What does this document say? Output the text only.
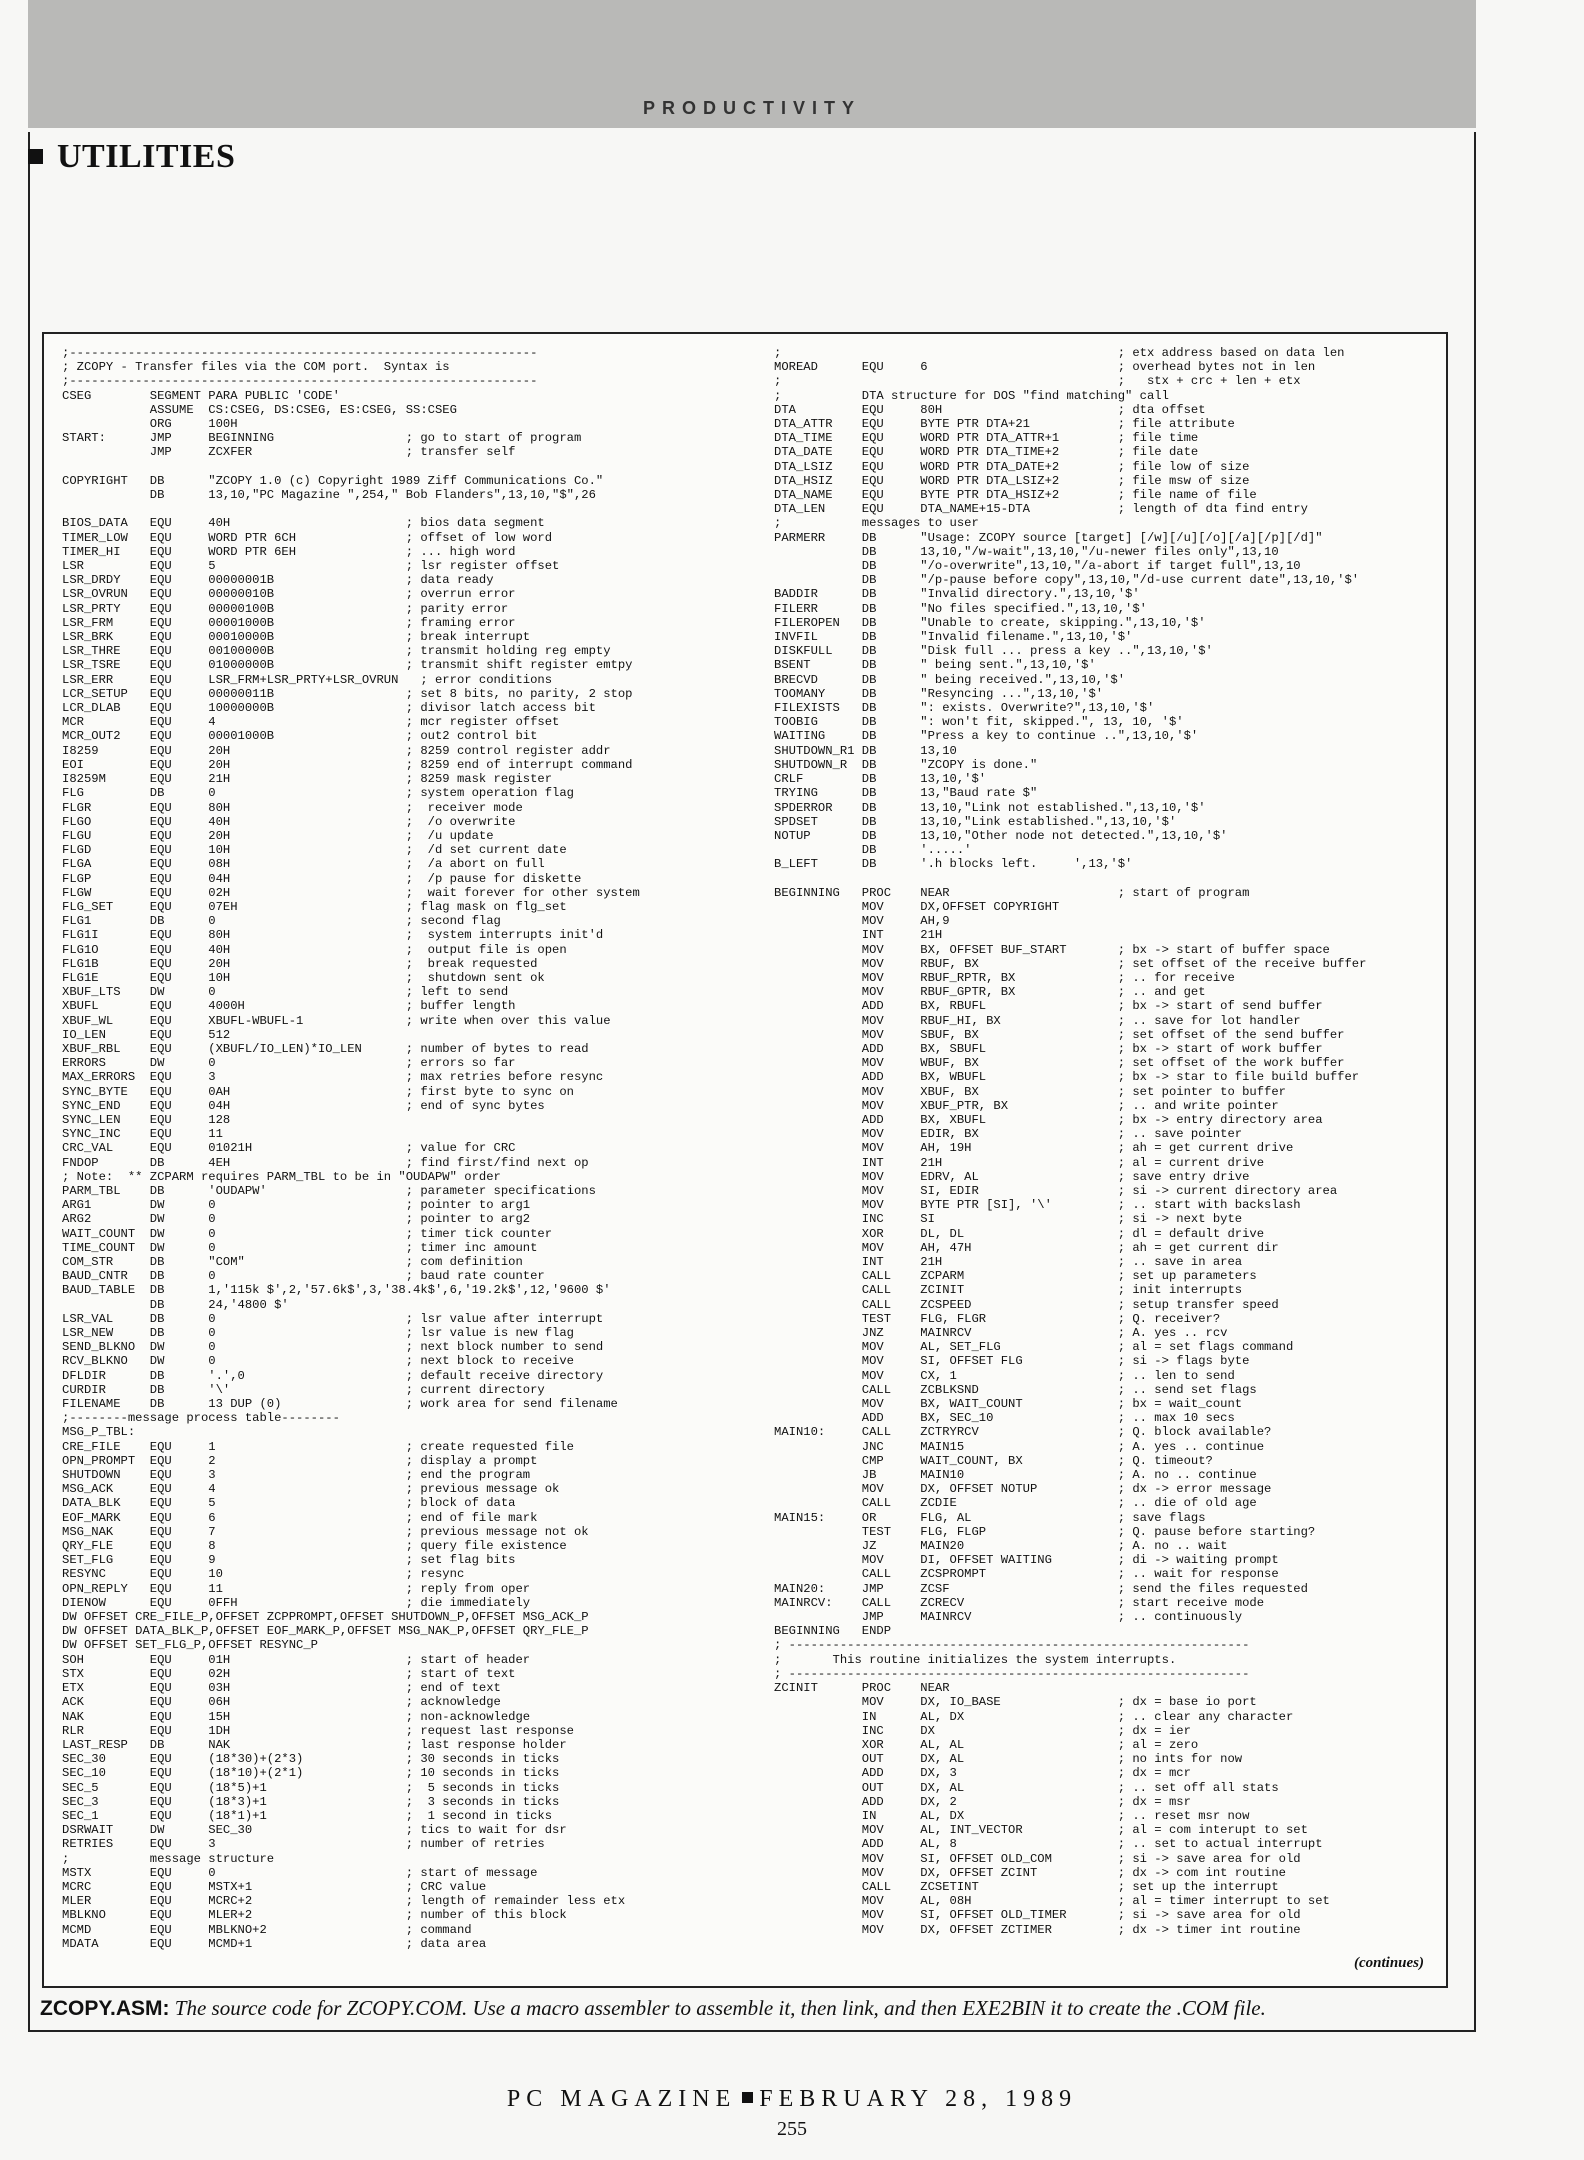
PRODUCTIVITY
UTILITIES
;----------------------------------------------------------------
; ZCOPY - Transfer files via the COM port.  Syntax is
;----------------------------------------------------------------
CSEG        SEGMENT PARA PUBLIC 'CODE'
ASSUME  CS:CSEG, DS:CSEG, ES:CSEG, SS:CSEG
ORG     100H
START:      JMP     BEGINNING                  ; go to start of program
JMP     ZCXFER                     ; transfer self

COPYRIGHT   DB      "ZCOPY 1.0 (c) Copyright 1989 Ziff Communications Co."
DB      13,10,"PC Magazine ",254," Bob Flanders",13,10,"$",26

BIOS_DATA   EQU     40H                        ; bios data segment
TIMER_LOW   EQU     WORD PTR 6CH               ; offset of low word
TIMER_HI    EQU     WORD PTR 6EH               ; ... high word
LSR         EQU     5                          ; lsr register offset
LSR_DRDY    EQU     00000001B                  ; data ready
LSR_OVRUN   EQU     00000010B                  ; overrun error
LSR_PRTY    EQU     00000100B                  ; parity error
LSR_FRM     EQU     00001000B                  ; framing error
LSR_BRK     EQU     00010000B                  ; break interrupt
LSR_THRE    EQU     00100000B                  ; transmit holding reg empty
LSR_TSRE    EQU     01000000B                  ; transmit shift register emtpy
LSR_ERR     EQU     LSR_FRM+LSR_PRTY+LSR_OVRUN   ; error conditions
LCR_SETUP   EQU     00000011B                  ; set 8 bits, no parity, 2 stop
LCR_DLAB    EQU     10000000B                  ; divisor latch access bit
MCR         EQU     4                          ; mcr register offset
MCR_OUT2    EQU     00001000B                  ; out2 control bit
I8259       EQU     20H                        ; 8259 control register addr
EOI         EQU     20H                        ; 8259 end of interrupt command
I8259M      EQU     21H                        ; 8259 mask register
FLG         DB      0                          ; system operation flag
FLGR        EQU     80H                        ;  receiver mode
FLGO        EQU     40H                        ;  /o overwrite
FLGU        EQU     20H                        ;  /u update
FLGD        EQU     10H                        ;  /d set current date
FLGA        EQU     08H                        ;  /a abort on full
FLGP        EQU     04H                        ;  /p pause for diskette
FLGW        EQU     02H                        ;  wait forever for other system
FLG_SET     EQU     07EH                       ; flag mask on flg_set
FLG1        DB      0                          ; second flag
FLG1I       EQU     80H                        ;  system interrupts init'd
FLG1O       EQU     40H                        ;  output file is open
FLG1B       EQU     20H                        ;  break requested
FLG1E       EQU     10H                        ;  shutdown sent ok
XBUF_LTS    DW      0                          ; left to send
XBUFL       EQU     4000H                      ; buffer length
XBUF_WL     EQU     XBUFL-WBUFL-1              ; write when over this value
IO_LEN      EQU     512
XBUF_RBL    EQU     (XBUFL/IO_LEN)*IO_LEN      ; number of bytes to read
ERRORS      DW      0                          ; errors so far
MAX_ERRORS  EQU     3                          ; max retries before resync
SYNC_BYTE   EQU     0AH                        ; first byte to sync on
SYNC_END    EQU     04H                        ; end of sync bytes
SYNC_LEN    EQU     128
SYNC_INC    EQU     11
CRC_VAL     EQU     01021H                     ; value for CRC
FNDOP       DB      4EH                        ; find first/find next op
; Note:  ** ZCPARM requires PARM_TBL to be in "OUDAPW" order
PARM_TBL    DB      'OUDAPW'                   ; parameter specifications
ARG1        DW      0                          ; pointer to arg1
ARG2        DW      0                          ; pointer to arg2
WAIT_COUNT  DW      0                          ; timer tick counter
TIME_COUNT  DW      0                          ; timer inc amount
COM_STR     DB      "COM"                      ; com definition
BAUD_CNTR   DB      0                          ; baud rate counter
BAUD_TABLE  DB      1,'115k $',2,'57.6k$',3,'38.4k$',6,'19.2k$',12,'9600 $'
DB      24,'4800 $'
LSR_VAL     DB      0                          ; lsr value after interrupt
LSR_NEW     DB      0                          ; lsr value is new flag
SEND_BLKNO  DW      0                          ; next block number to send
RCV_BLKNO   DW      0                          ; next block to receive
DFLDIR      DB      '.',0                      ; default receive directory
CURDIR      DB      '\'                        ; current directory
FILENAME    DB      13 DUP (0)                 ; work area for send filename
;--------message process table--------
MSG_P_TBL:
CRE_FILE    EQU     1                          ; create requested file
OPN_PROMPT  EQU     2                          ; display a prompt
SHUTDOWN    EQU     3                          ; end the program
MSG_ACK     EQU     4                          ; previous message ok
DATA_BLK    EQU     5                          ; block of data
EOF_MARK    EQU     6                          ; end of file mark
MSG_NAK     EQU     7                          ; previous message not ok
QRY_FLE     EQU     8                          ; query file existence
SET_FLG     EQU     9                          ; set flag bits
RESYNC      EQU     10                         ; resync
OPN_REPLY   EQU     11                         ; reply from oper
DIENOW      EQU     0FFH                       ; die immediately
DW OFFSET CRE_FILE_P,OFFSET ZCPPROMPT,OFFSET SHUTDOWN_P,OFFSET MSG_ACK_P
DW OFFSET DATA_BLK_P,OFFSET EOF_MARK_P,OFFSET MSG_NAK_P,OFFSET QRY_FLE_P
DW OFFSET SET_FLG_P,OFFSET RESYNC_P
SOH         EQU     01H                        ; start of header
STX         EQU     02H                        ; start of text
ETX         EQU     03H                        ; end of text
ACK         EQU     06H                        ; acknowledge
NAK         EQU     15H                        ; non-acknowledge
RLR         EQU     1DH                        ; request last response
LAST_RESP   DB      NAK                        ; last response holder
SEC_30      EQU     (18*30)+(2*3)              ; 30 seconds in ticks
SEC_10      EQU     (18*10)+(2*1)              ; 10 seconds in ticks
SEC_5       EQU     (18*5)+1                   ;  5 seconds in ticks
SEC_3       EQU     (18*3)+1                   ;  3 seconds in ticks
SEC_1       EQU     (18*1)+1                   ;  1 second in ticks
DSRWAIT     DW      SEC_30                     ; tics to wait for dsr
RETRIES     EQU     3                          ; number of retries
;           message structure
MSTX        EQU     0                          ; start of message
MCRC        EQU     MSTX+1                     ; CRC value
MLER        EQU     MCRC+2                     ; length of remainder less etx
MBLKNO      EQU     MLER+2                     ; number of this block
MCMD        EQU     MBLKNO+2                   ; command
MDATA       EQU     MCMD+1                     ; data area
;                                              ; etx address based on data len
MOREAD      EQU     6                          ; overhead bytes not in len
;                                              ;   stx + crc + len + etx
;           DTA structure for DOS "find matching" call
DTA         EQU     80H                        ; dta offset
DTA_ATTR    EQU     BYTE PTR DTA+21            ; file attribute
DTA_TIME    EQU     WORD PTR DTA_ATTR+1        ; file time
DTA_DATE    EQU     WORD PTR DTA_TIME+2        ; file date
DTA_LSIZ    EQU     WORD PTR DTA_DATE+2        ; file low of size
DTA_HSIZ    EQU     WORD PTR DTA_LSIZ+2        ; file msw of size
DTA_NAME    EQU     BYTE PTR DTA_HSIZ+2        ; file name of file
DTA_LEN     EQU     DTA_NAME+15-DTA            ; length of dta find entry
;           messages to user
PARMERR     DB      "Usage: ZCOPY source [target] [/w][/u][/o][/a][/p][/d]"
DB      13,10,"/w-wait",13,10,"/u-newer files only",13,10
DB      "/o-overwrite",13,10,"/a-abort if target full",13,10
DB      "/p-pause before copy",13,10,"/d-use current date",13,10,'$'
BADDIR      DB      "Invalid directory.",13,10,'$'
FILERR      DB      "No files specified.",13,10,'$'
FILEROPEN   DB      "Unable to create, skipping.",13,10,'$'
INVFIL      DB      "Invalid filename.",13,10,'$'
DISKFULL    DB      "Disk full ... press a key ..",13,10,'$'
BSENT       DB      " being sent.",13,10,'$'
BRECVD      DB      " being received.",13,10,'$'
TOOMANY     DB      "Resyncing ...",13,10,'$'
FILEXISTS   DB      ": exists. Overwrite?",13,10,'$'
TOOBIG      DB      ": won't fit, skipped.", 13, 10, '$'
WAITING     DB      "Press a key to continue ..",13,10,'$'
SHUTDOWN_R1 DB      13,10
SHUTDOWN_R  DB      "ZCOPY is done."
CRLF        DB      13,10,'$'
TRYING      DB      13,"Baud rate $"
SPDERROR    DB      13,10,"Link not established.",13,10,'$'
SPDSET      DB      13,10,"Link established.",13,10,'$'
NOTUP       DB      13,10,"Other node not detected.",13,10,'$'
DB      '.....'
B_LEFT      DB      '.h blocks left.     ',13,'$'

BEGINNING   PROC    NEAR                       ; start of program
MOV     DX,OFFSET COPYRIGHT
MOV     AH,9
INT     21H
MOV     BX, OFFSET BUF_START       ; bx -> start of buffer space
MOV     RBUF, BX                   ; set offset of the receive buffer
MOV     RBUF_RPTR, BX              ; .. for receive
MOV     RBUF_GPTR, BX              ; .. and get
ADD     BX, RBUFL                  ; bx -> start of send buffer
MOV     RBUF_HI, BX                ; .. save for lot handler
MOV     SBUF, BX                   ; set offset of the send buffer
ADD     BX, SBUFL                  ; bx -> start of work buffer
MOV     WBUF, BX                   ; set offset of the work buffer
ADD     BX, WBUFL                  ; bx -> star to file build buffer
MOV     XBUF, BX                   ; set pointer to buffer
MOV     XBUF_PTR, BX               ; .. and write pointer
ADD     BX, XBUFL                  ; bx -> entry directory area
MOV     EDIR, BX                   ; .. save pointer
MOV     AH, 19H                    ; ah = get current drive
INT     21H                        ; al = current drive
MOV     EDRV, AL                   ; save entry drive
MOV     SI, EDIR                   ; si -> current directory area
MOV     BYTE PTR [SI], '\'         ; .. start with backslash
INC     SI                         ; si -> next byte
XOR     DL, DL                     ; dl = default drive
MOV     AH, 47H                    ; ah = get current dir
INT     21H                        ; .. save in area
CALL    ZCPARM                     ; set up parameters
CALL    ZCINIT                     ; init interrupts
CALL    ZCSPEED                    ; setup transfer speed
TEST    FLG, FLGR                  ; Q. receiver?
JNZ     MAINRCV                    ; A. yes .. rcv
MOV     AL, SET_FLG                ; al = set flags command
MOV     SI, OFFSET FLG             ; si -> flags byte
MOV     CX, 1                      ; .. len to send
CALL    ZCBLKSND                   ; .. send set flags
MOV     BX, WAIT_COUNT             ; bx = wait_count
ADD     BX, SEC_10                 ; .. max 10 secs
MAIN10:     CALL    ZCTRYRCV                   ; Q. block available?
JNC     MAIN15                     ; A. yes .. continue
CMP     WAIT_COUNT, BX             ; Q. timeout?
JB      MAIN10                     ; A. no .. continue
MOV     DX, OFFSET NOTUP           ; dx -> error message
CALL    ZCDIE                      ; .. die of old age
MAIN15:     OR      FLG, AL                    ; save flags
TEST    FLG, FLGP                  ; Q. pause before starting?
JZ      MAIN20                     ; A. no .. wait
MOV     DI, OFFSET WAITING         ; di -> waiting prompt
CALL    ZCSPROMPT                  ; .. wait for response
MAIN20:     JMP     ZCSF                       ; send the files requested
MAINRCV:    CALL    ZCRECV                     ; start receive mode
JMP     MAINRCV                    ; .. continuously
BEGINNING   ENDP
; ---------------------------------------------------------------
;       This routine initializes the system interrupts.
; ---------------------------------------------------------------
ZCINIT      PROC    NEAR
MOV     DX, IO_BASE                ; dx = base io port
IN      AL, DX                     ; .. clear any character
INC     DX                         ; dx = ier
XOR     AL, AL                     ; al = zero
OUT     DX, AL                     ; no ints for now
ADD     DX, 3                      ; dx = mcr
OUT     DX, AL                     ; .. set off all stats
ADD     DX, 2                      ; dx = msr
IN      AL, DX                     ; .. reset msr now
MOV     AL, INT_VECTOR             ; al = com interupt to set
ADD     AL, 8                      ; .. set to actual interrupt
MOV     SI, OFFSET OLD_COM         ; si -> save area for old
MOV     DX, OFFSET ZCINT           ; dx -> com int routine
CALL    ZCSETINT                   ; set up the interrupt
MOV     AL, 08H                    ; al = timer interrupt to set
MOV     SI, OFFSET OLD_TIMER       ; si -> save area for old
MOV     DX, OFFSET ZCTIMER         ; dx -> timer int routine
(continues)
ZCOPY.ASM: The source code for ZCOPY.COM. Use a macro assembler to assemble it, then link, and then EXE2BIN it to create the .COM file.
PC MAGAZINE FEBRUARY 28, 1989
255
